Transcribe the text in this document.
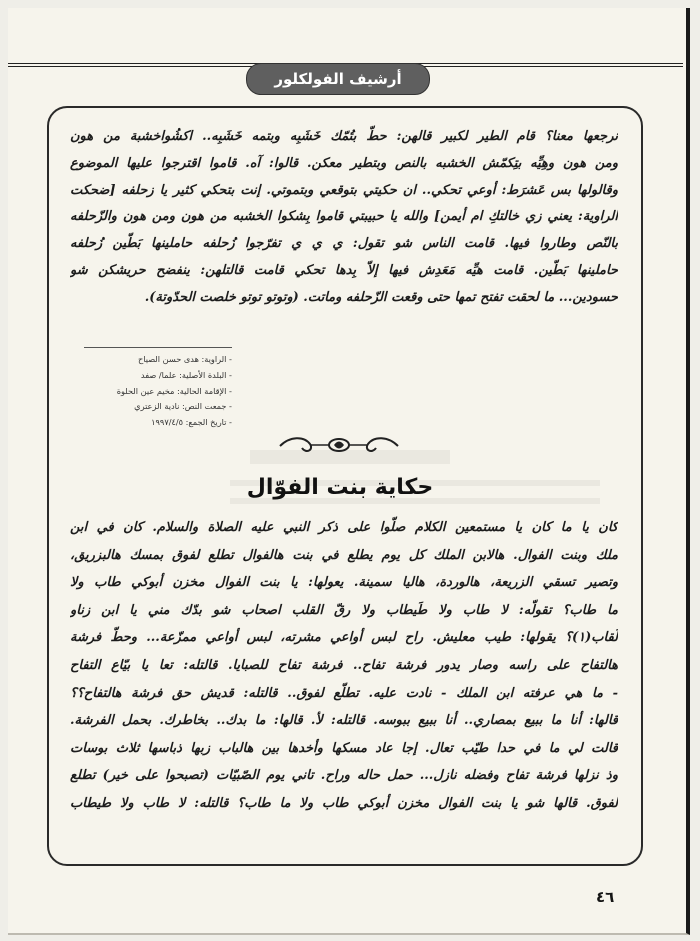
أرشيف الفولكلور
نرجعها معنا؟ قام الطير لكبير قالهن: حطّ بتُمّك خَشَبِه وبتمه خَشَبِه.. اكشُواخشبة من هون
ومن هون وهِيِّه بتِكمّش الخشبه بالنص وبتطير معكن. قالوا: آه. قاموا اقترجوا عليها الموضوع
وقالولها بس عَشرَط: أوعي تحكي.. ان حكيتي بتوقعي وبتموتي. إنت بتحكي كثير يا زحلفه [ضحكت
الراوية: يعني زي خالتكِ ام أيمن] والله يا حبيبتي قاموا بِشكوا الخشبه من هون ومن هون والزّحلفه
بالنّص وطاروا فيها. قامت الناس شو تقول: ي ي ي تفرّجوا زُحلفه حاملينها بَطّين زُحلفه
حاملينها بَطّين. قامت هيِّه مَعَدِش فيها إلاّ بِدها تحكي قامت قالتلهن: ينفضح حريشكن شو
حسودين... ما لحقت تفتح تمها حتى وقعت الزّحلفه وماتت. (وتوتو توتو خلصت الحدّوتة).
- الراوية: هدى حسن الصياح
- البلدة الأصلية: علما/ صفد
- الإقامة الحالية: مخيم عين الحلوة
- جمعت النص: نادية الزعتري
- تاريخ الجمع: ١٩٩٧/٤/٥
حكاية بنت الفوّال
كان يا ما كان يا مستمعين الكلام صلّوا على ذكر النبي عليه الصلاة والسلام. كان في ابن
ملك وبنت الفوال. هالابن الملك كل يوم يطلع في بنت هالفوال تطلع لفوق بمسك هالبزريق،
وتصير تسقي الزريعة، هالوردة، هاليا سمينة. يعولها: يا بنت الفوال مخزن أبوكي طاب ولا
ما طاب؟ تقولّه: لا طاب ولا طَيطاب ولا رقّ القلب اصحاب شو بدّك مني يا ابن زناو
لُقاب(١)؟ يقولها: طيب معليش. راح لبس أواعي مشرته، لبس أواعي ممزّعة... وحطّ فرشة
هالتفاح على راسه وصار يدور فرشة تفاح.. فرشة تفاح للصبايا. قالتله: تعا يا بيّاع التفاح
- ما هي عرفته ابن الملك - نادت عليه. تطلّع لفوق.. قالتله: قديش حق فرشة هالتفاح؟؟
قالها: أنا ما ببيع بمصاري.. أنا ببيع ببوسه. قالتله: لأ. قالها: ما بدك.. بخاطرك. بحمل الفرشة.
قالت لي ما في حدا طيّب تعال. إجا عاد مسكها وأخدها بين هالباب زبها ذباسها ثلاث بوسات
وذ نزلها فرشة تفاح وفضله نازل... حمل حاله وراح. تاني يوم الصّبيّات (تصبحوا على خير) تطلع
لفوق. قالها شو يا بنت الفوال مخزن أبوكي طاب ولا ما طاب؟ قالتله: لا طاب ولا طيطاب
٤٦
